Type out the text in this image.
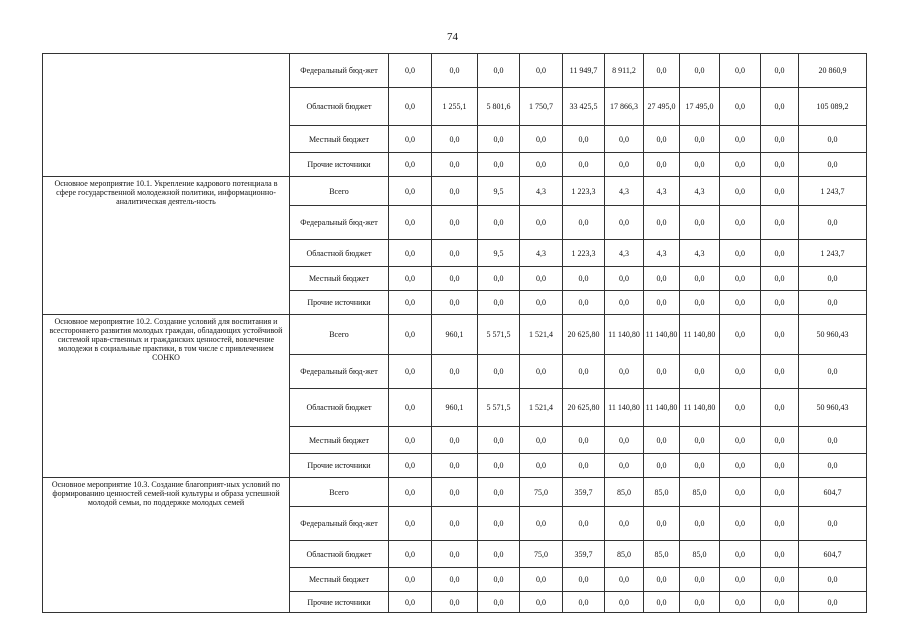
74
	Федеральный бюд-жет	0,0	0,0	0,0	0,0	11 949,7	8 911,2	0,0	0,0	0,0	0,0	20 860,9
	Областной бюджет	0,0	1 255,1	5 801,6	1 750,7	33 425,5	17 866,3	27 495,0	17 495,0	0,0	0,0	105 089,2
	Местный бюджет	0,0	0,0	0,0	0,0	0,0	0,0	0,0	0,0	0,0	0,0	0,0
	Прочие источники	0,0	0,0	0,0	0,0	0,0	0,0	0,0	0,0	0,0	0,0	0,0
Основное мероприятие 10.1. Укрепление кадрового потенциала в сфере государственной молодежной политики, информационно-аналитическая деятель-ность	Всего	0,0	0,0	9,5	4,3	1 223,3	4,3	4,3	4,3	0,0	0,0	1 243,7
	Федеральный бюд-жет	0,0	0,0	0,0	0,0	0,0	0,0	0,0	0,0	0,0	0,0	0,0
	Областной бюджет	0,0	0,0	9,5	4,3	1 223,3	4,3	4,3	4,3	0,0	0,0	1 243,7
	Местный бюджет	0,0	0,0	0,0	0,0	0,0	0,0	0,0	0,0	0,0	0,0	0,0
	Прочие источники	0,0	0,0	0,0	0,0	0,0	0,0	0,0	0,0	0,0	0,0	0,0
Основное мероприятие 10.2. Создание условий для воспитания и всестороннего развития молодых граждан, обладающих устойчивой системой нрав-ственных и гражданских ценностей, вовлечение молодежи в социальные практики, в том числе с привлечением СОНКО	Всего	0,0	960,1	5 571,5	1 521,4	20 625,80	11 140,80	11 140,80	11 140,80	0,0	0,0	50 960,43
	Федеральный бюд-жет	0,0	0,0	0,0	0,0	0,0	0,0	0,0	0,0	0,0	0,0	0,0
	Областной бюджет	0,0	960,1	5 571,5	1 521,4	20 625,80	11 140,80	11 140,80	11 140,80	0,0	0,0	50 960,43
	Местный бюджет	0,0	0,0	0,0	0,0	0,0	0,0	0,0	0,0	0,0	0,0	0,0
	Прочие источники	0,0	0,0	0,0	0,0	0,0	0,0	0,0	0,0	0,0	0,0	0,0
Основное мероприятие 10.3. Создание благоприят-ных условий по формированию ценностей семей-ной культуры и образа успешной молодой семьи, по поддержке молодых семей	Всего	0,0	0,0	0,0	75,0	359,7	85,0	85,0	85,0	0,0	0,0	604,7
	Федеральный бюд-жет	0,0	0,0	0,0	0,0	0,0	0,0	0,0	0,0	0,0	0,0	0,0
	Областной бюджет	0,0	0,0	0,0	75,0	359,7	85,0	85,0	85,0	0,0	0,0	604,7
	Местный бюджет	0,0	0,0	0,0	0,0	0,0	0,0	0,0	0,0	0,0	0,0	0,0
	Прочие источники	0,0	0,0	0,0	0,0	0,0	0,0	0,0	0,0	0,0	0,0	0,0
